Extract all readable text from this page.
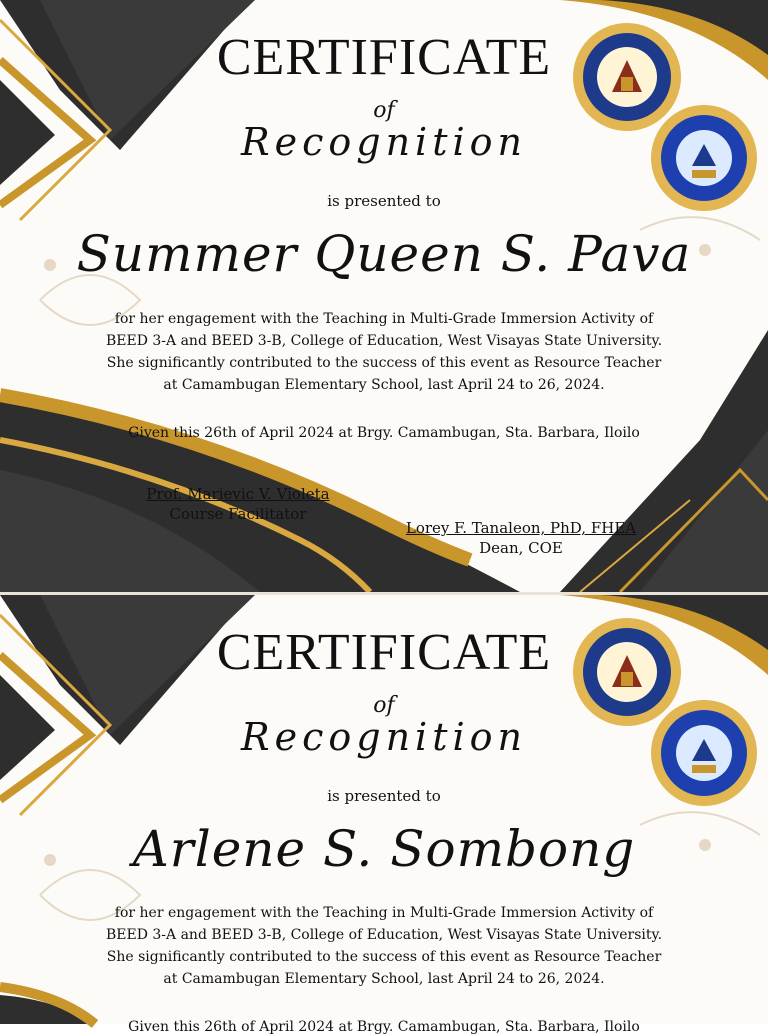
CERTIFICATE
of
Recognition
is presented to
Summer Queen S. Pava
for her engagement with the Teaching in Multi-Grade Immersion Activity of
BEED 3-A and BEED 3-B, College of Education, West Visayas State University.
She significantly contributed to the success of this event as Resource Teacher
at Camambugan Elementary School, last April 24 to 26, 2024.
Given this 26th of April 2024 at Brgy. Camambugan, Sta. Barbara, Iloilo
Prof. Marievic V. Violeta
Course Facilitator
Lorey F. Tanaleon, PhD, FHEA
Dean, COE
CERTIFICATE
of
Recognition
is presented to
Arlene S. Sombong
for her engagement with the Teaching in Multi-Grade Immersion Activity of
BEED 3-A and BEED 3-B, College of Education, West Visayas State University.
She significantly contributed to the success of this event as Resource Teacher
at Camambugan Elementary School, last April 24 to 26, 2024.
Given this 26th of April 2024 at Brgy. Camambugan, Sta. Barbara, Iloilo
